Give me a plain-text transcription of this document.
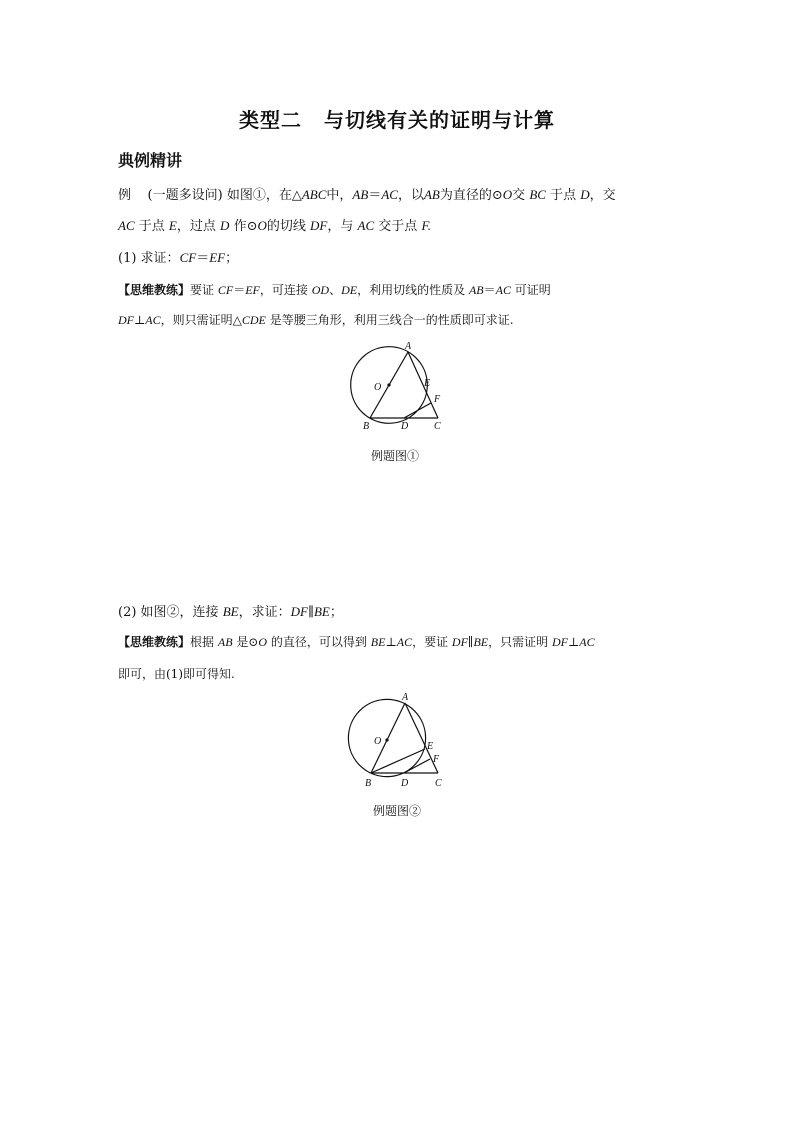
类型二 与切线有关的证明与计算
典例精讲
例 (一题多设问) 如图①，在△ABC中，AB＝AC，以AB为直径的⊙O交 BC 于点 D，交
AC 于点 E，过点 D 作⊙O的切线 DF，与 AC 交于点 F.
(1) 求证：CF＝EF；
【思维教练】要证 CF＝EF，可连接 OD、DE，利用切线的性质及 AB＝AC 可证明
DF⊥AC，则只需证明△CDE 是等腰三角形，利用三线合一的性质即可求证.
A
O	E
F
B	D	C
例题图①
(2) 如图②，连接 BE，求证：DF∥BE；
【思维教练】根据 AB 是⊙O 的直径，可以得到 BE⊥AC，要证 DF∥BE，只需证明 DF⊥AC
即可，由(1)即可得知.
A
O	E
F
B	D	C
例题图②
